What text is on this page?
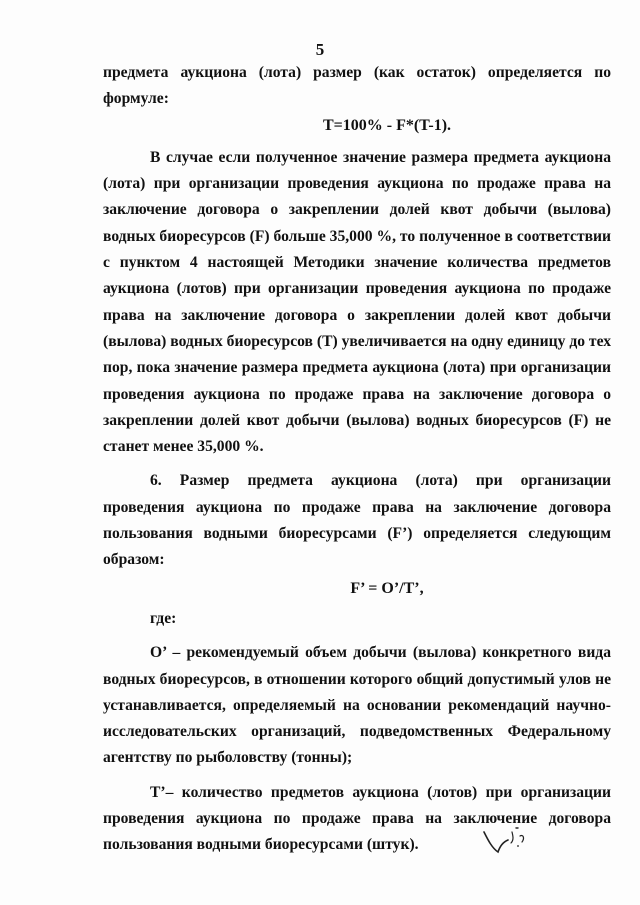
5

предмета аукциона (лота) размер (как остаток) определяется по формуле:

T=100% - F*(T-1).

В случае если полученное значение размера предмета аукциона (лота) при организации проведения аукциона по продаже права на заключение договора о закреплении долей квот добычи (вылова) водных биоресурсов (F) больше 35,000 %, то полученное в соответствии с пунктом 4 настоящей Методики значение количества предметов аукциона (лотов) при организации проведения аукциона по продаже права на заключение договора о закреплении долей квот добычи (вылова) водных биоресурсов (T) увеличивается на одну единицу до тех пор, пока значение размера предмета аукциона (лота) при организации проведения аукциона по продаже права на заключение договора о закреплении долей квот добычи (вылова) водных биоресурсов (F) не станет менее 35,000 %.

6. Размер предмета аукциона (лота) при организации проведения аукциона по продаже права на заключение договора пользования водными биоресурсами (F’) определяется следующим образом:

F’ = O’/T’,

где:

O’ – рекомендуемый объем добычи (вылова) конкретного вида водных биоресурсов, в отношении которого общий допустимый улов не устанавливается, определяемый на основании рекомендаций научно-исследовательских организаций, подведомственных Федеральному агентству по рыболовству (тонны);

T’– количество предметов аукциона (лотов) при организации проведения аукциона по продаже права на заключение договора пользования водными биоресурсами (штук).
